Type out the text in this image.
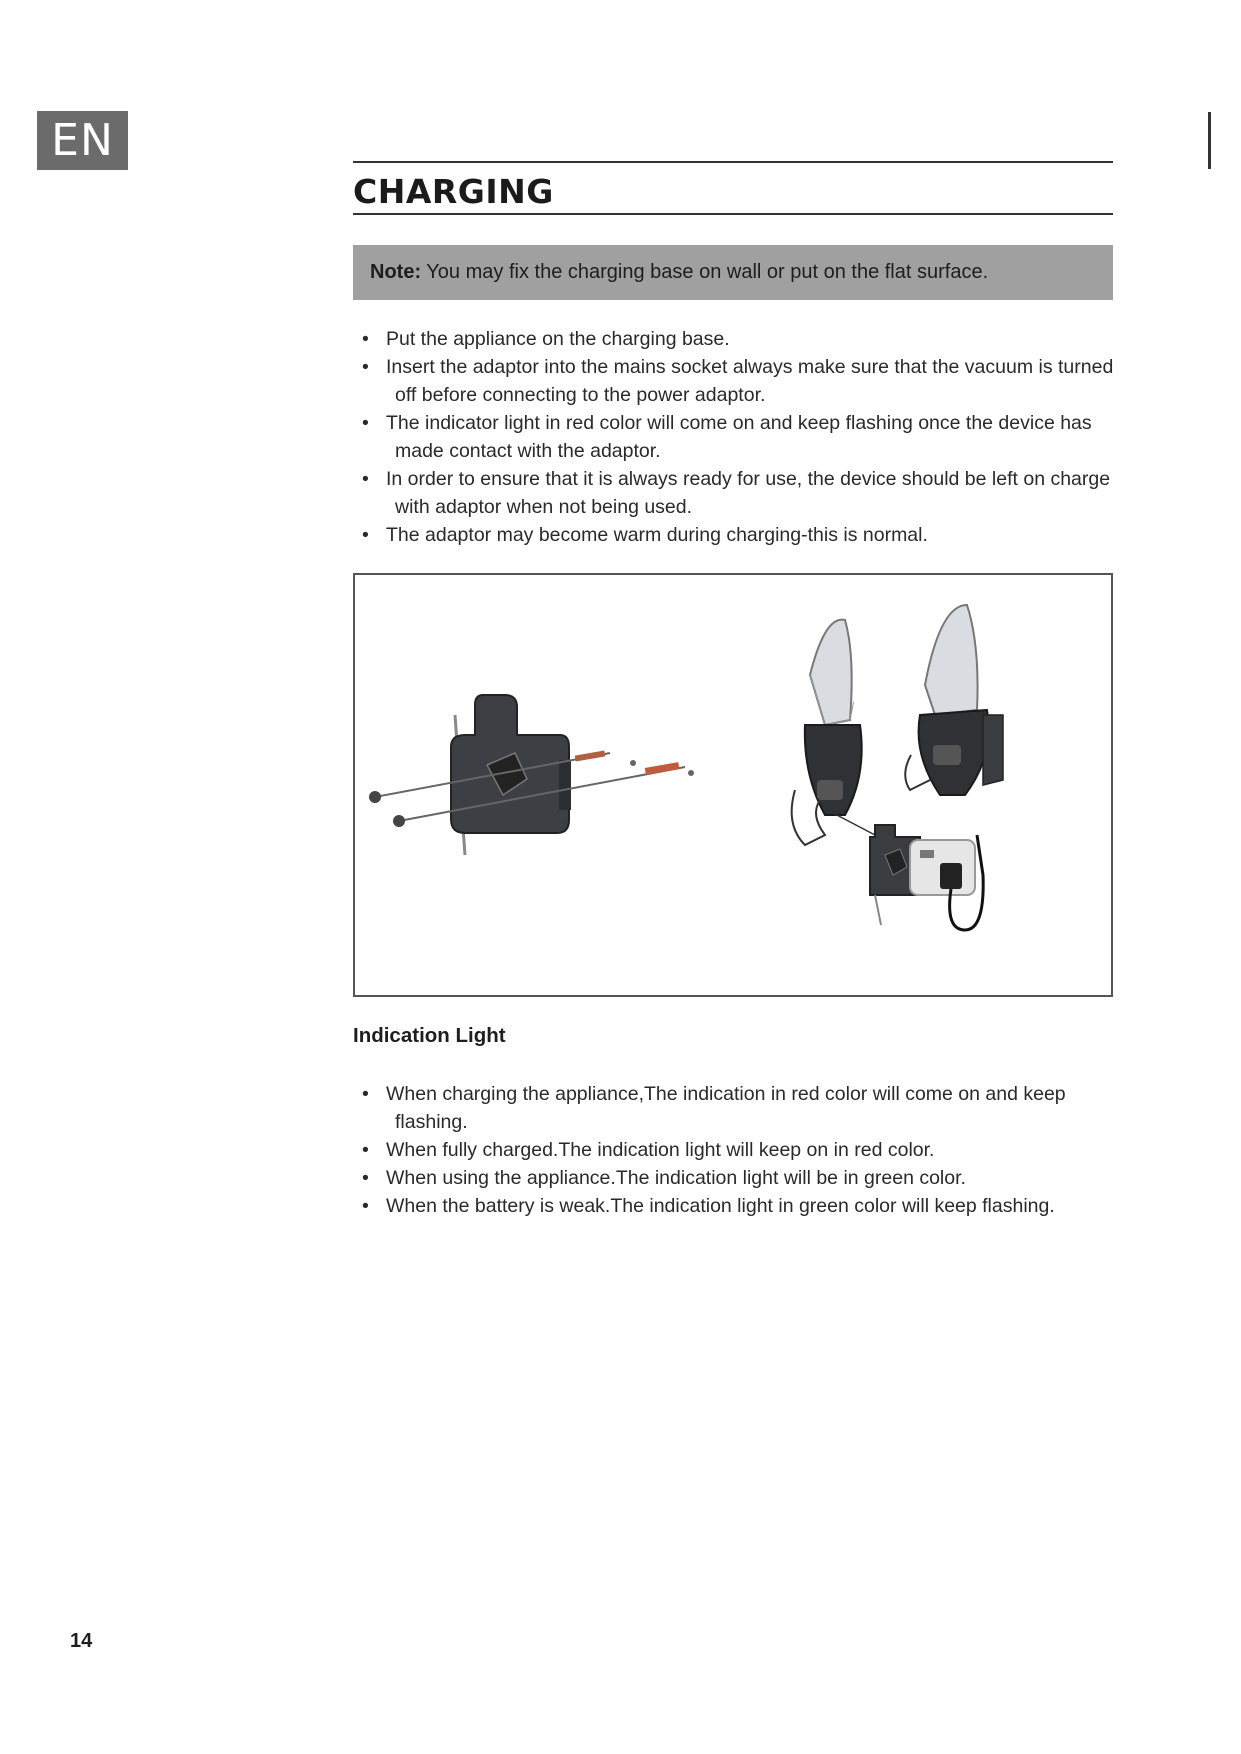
EN
CHARGING
Note: You may fix the charging base on wall or put on the flat surface.
• Put the appliance on the charging base.
• Insert the adaptor into the mains socket always make sure that the vacuum is turned off before connecting to the power adaptor.
• The indicator light in red color will come on and keep flashing once the device has made contact with the adaptor.
• In order to ensure that it is always ready for use, the device should be left on charge with adaptor when not being used.
• The adaptor may become warm during charging-this is normal.
Indication Light
• When charging the appliance,The indication in red color will come on and keep flashing.
• When fully charged.The indication light will keep on in red color.
• When using the appliance.The indication light will be in green color.
• When the battery is weak.The indication light in green color will keep flashing.
14
